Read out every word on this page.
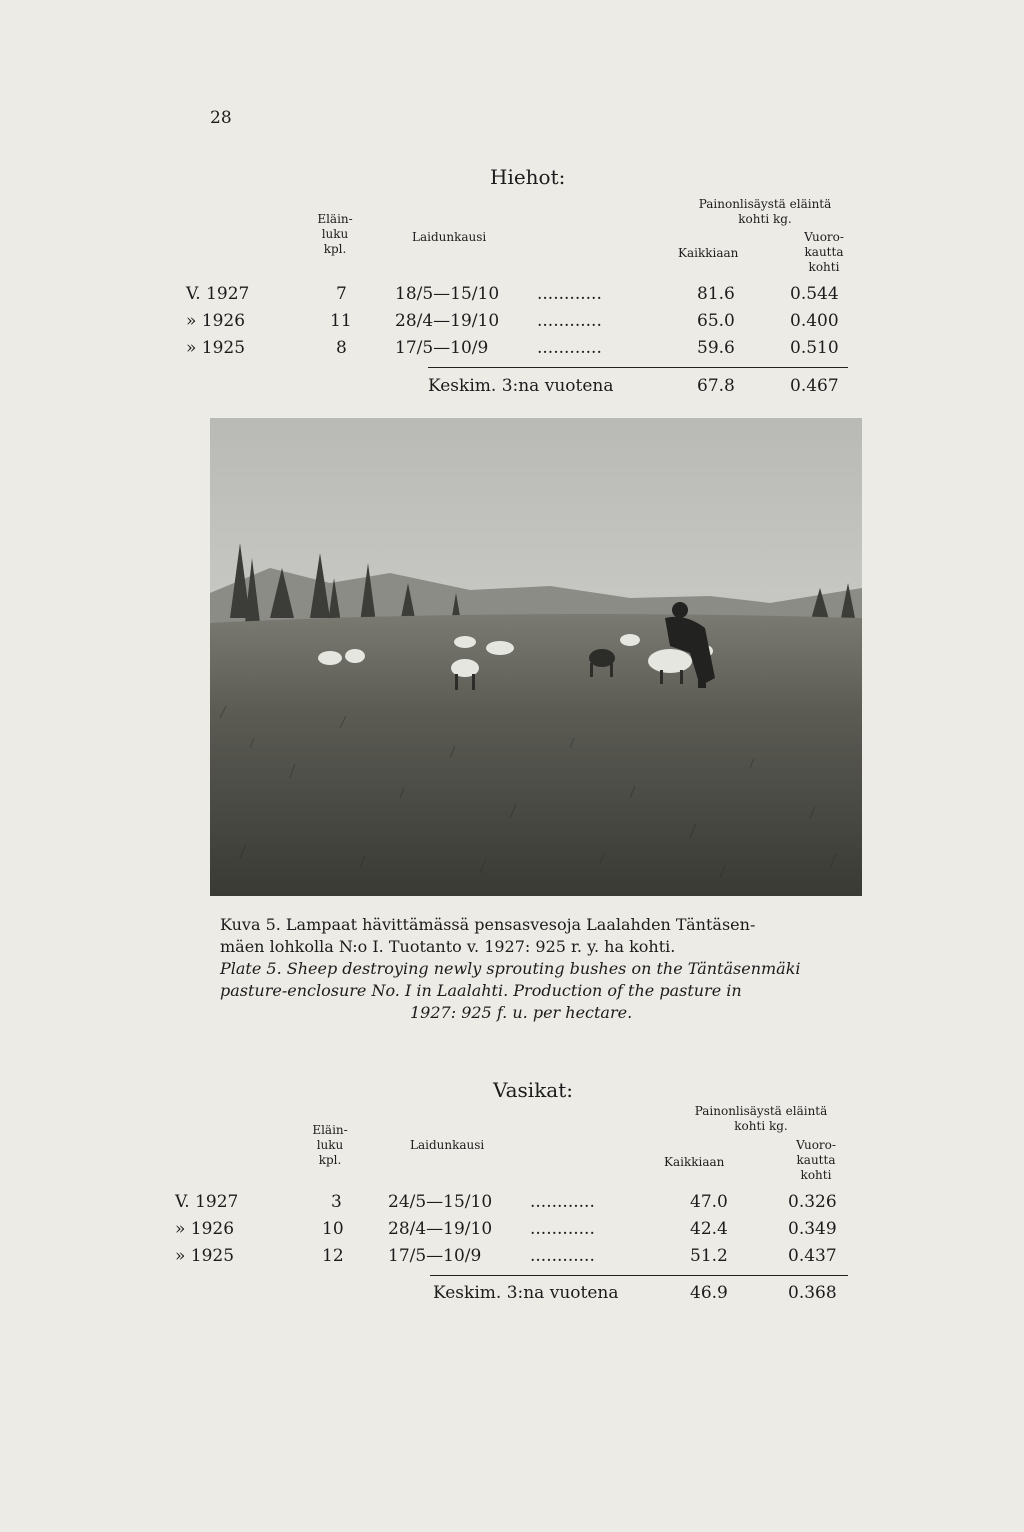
28
Hiehot:
Eläin-
luku
kpl.
Laidunkausi
Painonlisäystä eläintä
kohti kg.
Kaikkiaan
Vuoro-
kautta
kohti
V. 1927	7	18/5—15/10 ............	81.6	0.544
» 1926	11	28/4—19/10 ............	65.0	0.400
» 1925	8	17/5—10/9	............	59.6	0.510
Keskim. 3:na vuotena	67.8	0.467
Kuva 5. Lampaat hävittämässä pensasvesoja Laalahden Täntäsen-
mäen lohkolla N:o I. Tuotanto v. 1927: 925 r. y. ha kohti.
Plate 5. Sheep destroying newly sprouting bushes on the Täntäsenmäki
pasture-enclosure No. I in Laalahti. Production of the pasture in
1927: 925 f. u. per hectare.
Vasikat:
Eläin-
luku
kpl.
Laidunkausi
Painonlisäystä eläintä
kohti kg.
Kaikkiaan
Vuoro-
kautta
kohti
V. 1927	3	24/5—15/10 ............	47.0	0.326
» 1926	10	28/4—19/10 ............	42.4	0.349
» 1925	12	17/5—10/9	............	51.2	0.437
Keskim. 3:na vuotena	46.9	0.368
